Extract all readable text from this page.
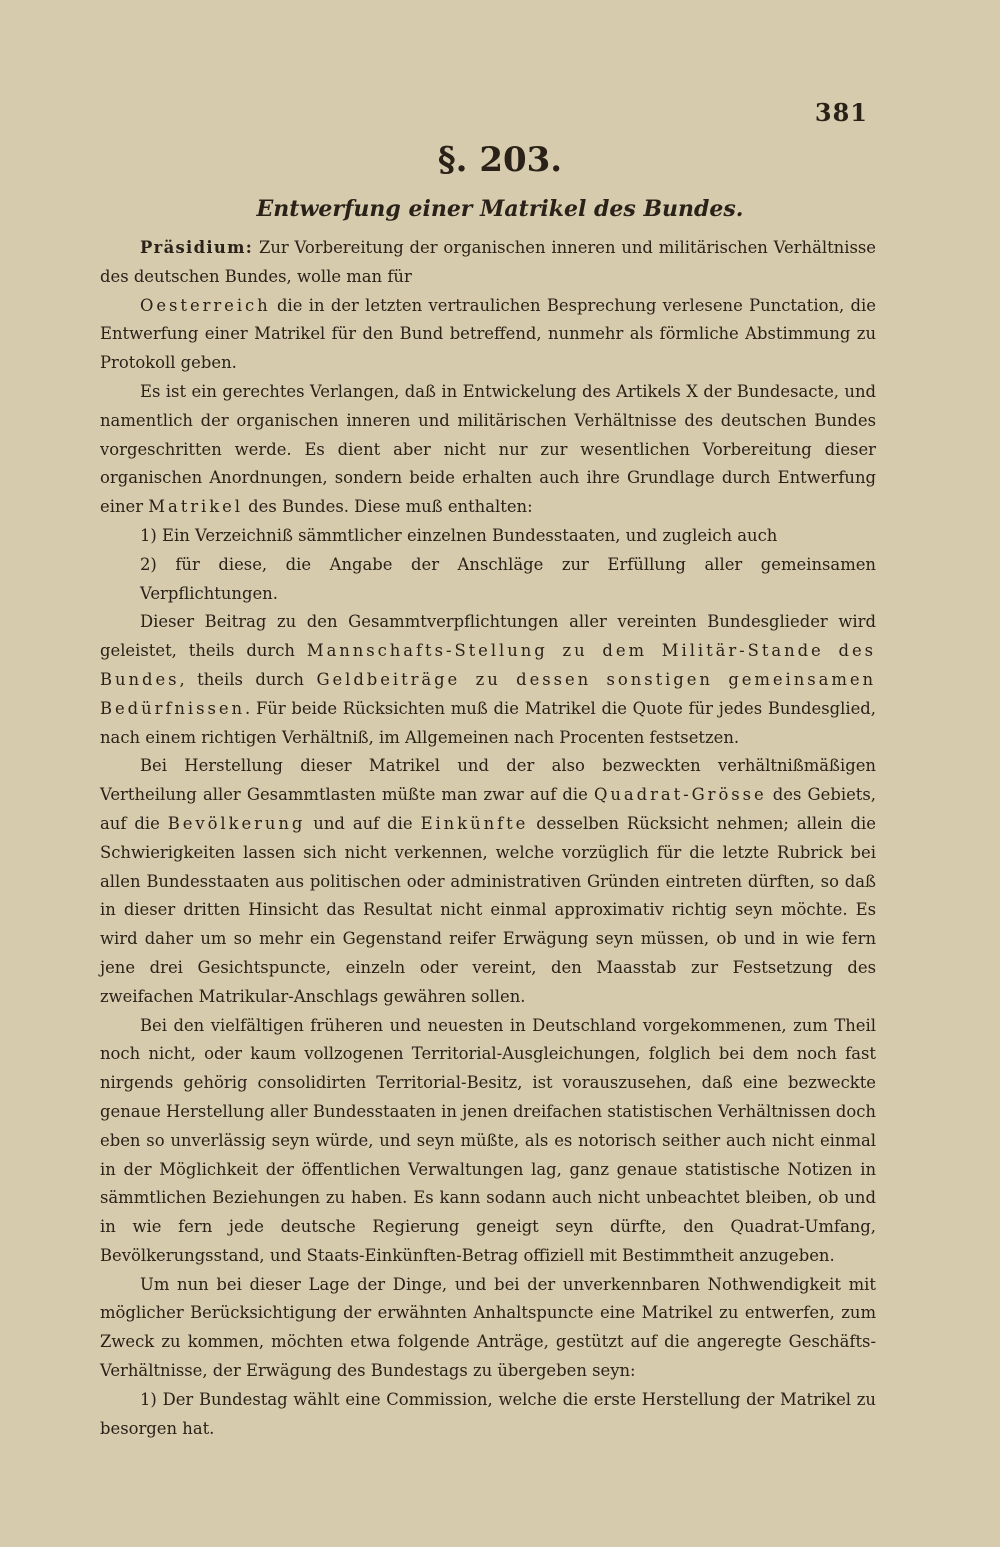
381
§. 203.
Entwerfung einer Matrikel des Bundes.

Präsidium: Zur Vorbereitung der organischen inneren und militärischen Verhältnisse des deutschen Bundes, wolle man für

Oesterreich die in der letzten vertraulichen Besprechung verlesene Punctation, die Entwerfung einer Matrikel für den Bund betreffend, nunmehr als förmliche Abstimmung zu Protokoll geben.

Es ist ein gerechtes Verlangen, daß in Entwickelung des Artikels X der Bundesacte, und namentlich der organischen inneren und militärischen Verhältnisse des deutschen Bundes vorgeschritten werde. Es dient aber nicht nur zur wesentlichen Vorbereitung dieser organischen Anordnungen, sondern beide erhalten auch ihre Grundlage durch Entwerfung einer Matrikel des Bundes. Diese muß enthalten:

1) Ein Verzeichniß sämmtlicher einzelnen Bundesstaaten, und zugleich auch

2) für diese, die Angabe der Anschläge zur Erfüllung aller gemeinsamen Verpflichtungen.

Dieser Beitrag zu den Gesammtverpflichtungen aller vereinten Bundesglieder wird geleistet, theils durch Mannschafts-Stellung zu dem Militär-Stande des Bundes, theils durch Geldbeiträge zu dessen sonstigen gemeinsamen Bedürfnissen. Für beide Rücksichten muß die Matrikel die Quote für jedes Bundesglied, nach einem richtigen Verhältniß, im Allgemeinen nach Procenten festsetzen.

Bei Herstellung dieser Matrikel und der also bezweckten verhältnißmäßigen Vertheilung aller Gesammtlasten müßte man zwar auf die Quadrat-Grösse des Gebiets, auf die Bevölkerung und auf die Einkünfte desselben Rücksicht nehmen; allein die Schwierigkeiten lassen sich nicht verkennen, welche vorzüglich für die letzte Rubrick bei allen Bundesstaaten aus politischen oder administrativen Gründen eintreten dürften, so daß in dieser dritten Hinsicht das Resultat nicht einmal approximativ richtig seyn möchte. Es wird daher um so mehr ein Gegenstand reifer Erwägung seyn müssen, ob und in wie fern jene drei Gesichtspuncte, einzeln oder vereint, den Maasstab zur Festsetzung des zweifachen Matrikular-Anschlags gewähren sollen.

Bei den vielfältigen früheren und neuesten in Deutschland vorgekommenen, zum Theil noch nicht, oder kaum vollzogenen Territorial-Ausgleichungen, folglich bei dem noch fast nirgends gehörig consolidirten Territorial-Besitz, ist vorauszusehen, daß eine bezweckte genaue Herstellung aller Bundesstaaten in jenen dreifachen statistischen Verhältnissen doch eben so unverlässig seyn würde, und seyn müßte, als es notorisch seither auch nicht einmal in der Möglichkeit der öffentlichen Verwaltungen lag, ganz genaue statistische Notizen in sämmtlichen Beziehungen zu haben. Es kann sodann auch nicht unbeachtet bleiben, ob und in wie fern jede deutsche Regierung geneigt seyn dürfte, den Quadrat-Umfang, Bevölkerungsstand, und Staats-Einkünften-Betrag offiziell mit Bestimmtheit anzugeben.

Um nun bei dieser Lage der Dinge, und bei der unverkennbaren Nothwendigkeit mit möglicher Berücksichtigung der erwähnten Anhaltspuncte eine Matrikel zu entwerfen, zum Zweck zu kommen, möchten etwa folgende Anträge, gestützt auf die angeregte Geschäfts-Verhältnisse, der Erwägung des Bundestags zu übergeben seyn:

1) Der Bundestag wählt eine Commission, welche die erste Herstellung der Matrikel zu besorgen hat.
